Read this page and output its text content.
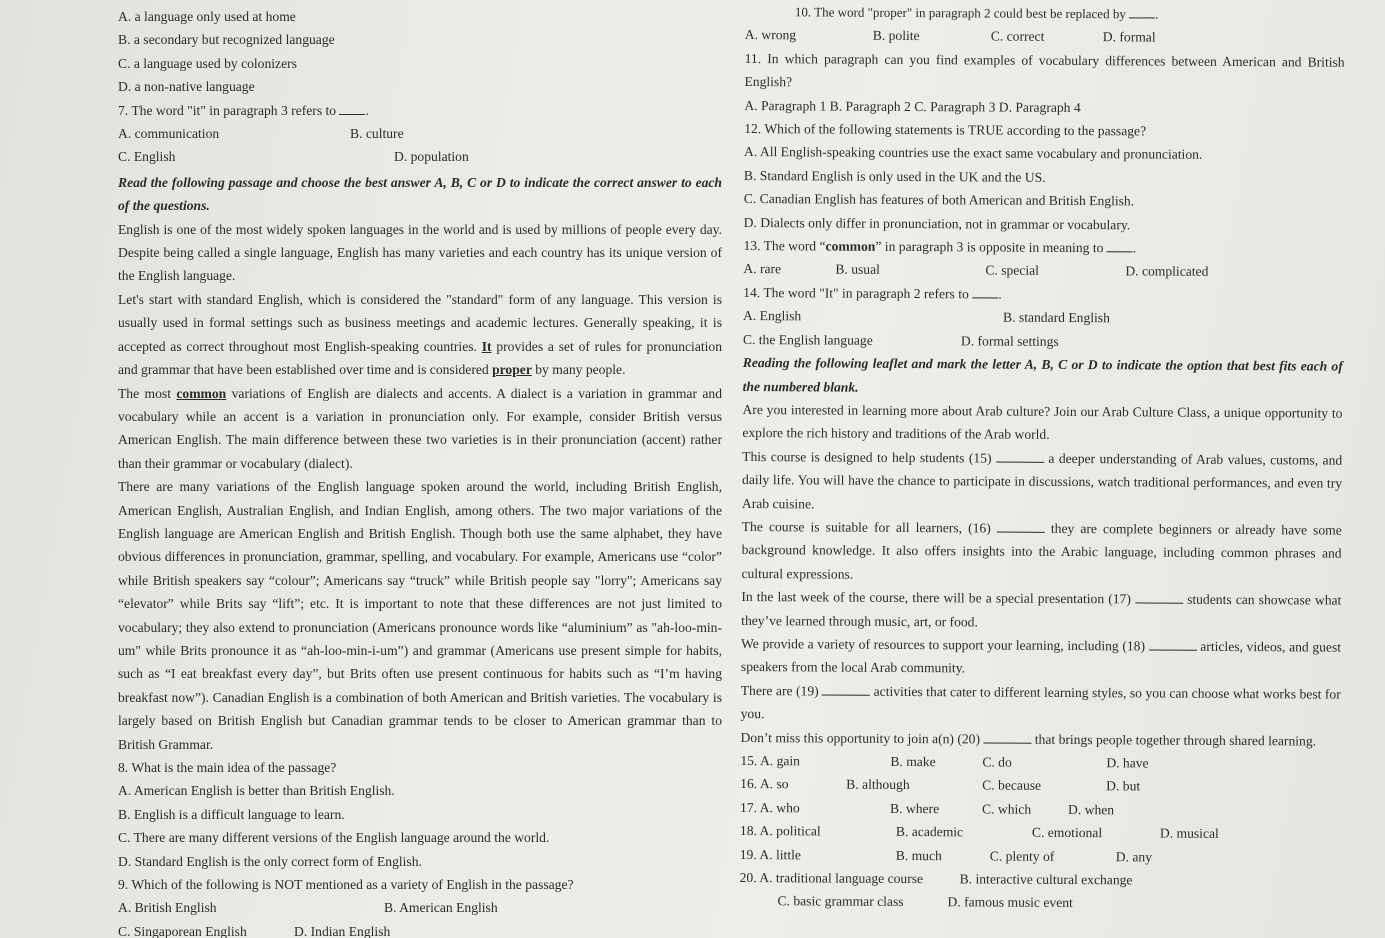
A. a language only used at home
B. a secondary but recognized language
C. a language used by colonizers
D. a non-native language
7. The word "it" in paragraph 3 refers to .
A. communication	B. culture
C. English	D. population

Read the following passage and choose the best answer A, B, C or D to indicate the correct answer to each of the questions.

English is one of the most widely spoken languages in the world and is used by millions of people every day. Despite being called a single language, English has many varieties and each country has its unique version of the English language.

Let's start with standard English, which is considered the "standard" form of any language. This version is usually used in formal settings such as business meetings and academic lectures. Generally speaking, it is accepted as correct throughout most English-speaking countries. It provides a set of rules for pronunciation and grammar that have been established over time and is considered proper by many people.

The most common variations of English are dialects and accents. A dialect is a variation in grammar and vocabulary while an accent is a variation in pronunciation only. For example, consider British versus American English. The main difference between these two varieties is in their pronunciation (accent) rather than their grammar or vocabulary (dialect).

There are many variations of the English language spoken around the world, including British English, American English, Australian English, and Indian English, among others. The two major variations of the English language are American English and British English. Though both use the same alphabet, they have obvious differences in pronunciation, grammar, spelling, and vocabulary. For example, Americans use “color” while British speakers say “colour”; Americans say “truck” while British people say "lorry"; Americans say “elevator” while Brits say “lift”; etc. It is important to note that these differences are not just limited to vocabulary; they also extend to pronunciation (Americans pronounce words like “aluminium” as "ah-loo-min-um" while Brits pronounce it as “ah-loo-min-i-um”) and grammar (Americans use present simple for habits, such as “I eat breakfast every day”, but Brits often use present continuous for habits such as “I’m having breakfast now”). Canadian English is a combination of both American and British varieties. The vocabulary is largely based on British English but Canadian grammar tends to be closer to American grammar than to British Grammar.

8. What is the main idea of the passage?
A. American English is better than British English.
B. English is a difficult language to learn.
C. There are many different versions of the English language around the world.
D. Standard English is the only correct form of English.
9. Which of the following is NOT mentioned as a variety of English in the passage?
A. British English	B. American English
C. Singaporean English	D. Indian English
10. The word "proper" in paragraph 2 could best be replaced by .
A. wrong	B. polite	C. correct	D. formal

11. In which paragraph can you find examples of vocabulary differences between American and British English?

A. Paragraph 1 B. Paragraph 2 C. Paragraph 3 D. Paragraph 4
12. Which of the following statements is TRUE according to the passage?
A. All English-speaking countries use the exact same vocabulary and pronunciation.
B. Standard English is only used in the UK and the US.
C. Canadian English has features of both American and British English.
D. Dialects only differ in pronunciation, not in grammar or vocabulary.
13. The word “common” in paragraph 3 is opposite in meaning to .
A. rare	B. usual	C. special	D. complicated
14. The word "It" in paragraph 2 refers to .
A. English	B. standard English
C. the English language	D. formal settings

Reading the following leaflet and mark the letter A, B, C or D to indicate the option that best fits each of the numbered blank.

Are you interested in learning more about Arab culture? Join our Arab Culture Class, a unique opportunity to explore the rich history and traditions of the Arab world.

This course is designed to help students (15)	a deeper understanding of Arab values, customs, and daily life. You will have the chance to participate in discussions, watch traditional performances, and even try Arab cuisine.

The course is suitable for all learners, (16)	they are complete beginners or already have some background knowledge. It also offers insights into the Arabic language, including common phrases and cultural expressions.

In the last week of the course, there will be a special presentation (17)	students can showcase what they’ve learned through music, art, or food.

We provide a variety of resources to support your learning, including (18)	articles, videos, and guest speakers from the local Arab community.

There are (19)	activities that cater to different learning styles, so you can choose what works best for you.

Don’t miss this opportunity to join a(n) (20)	that brings people together through shared learning.

15. A. gain	B. make	C. do	D. have
16. A. so	B. although	C. because	D. but
17. A. who	B. where	C. which	D. when
18. A. political	B. academic	C. emotional	D. musical
19. A. little	B. much	C. plenty of	D. any
20. A. traditional language course	B. interactive cultural exchange
C. basic grammar class	D. famous music event
